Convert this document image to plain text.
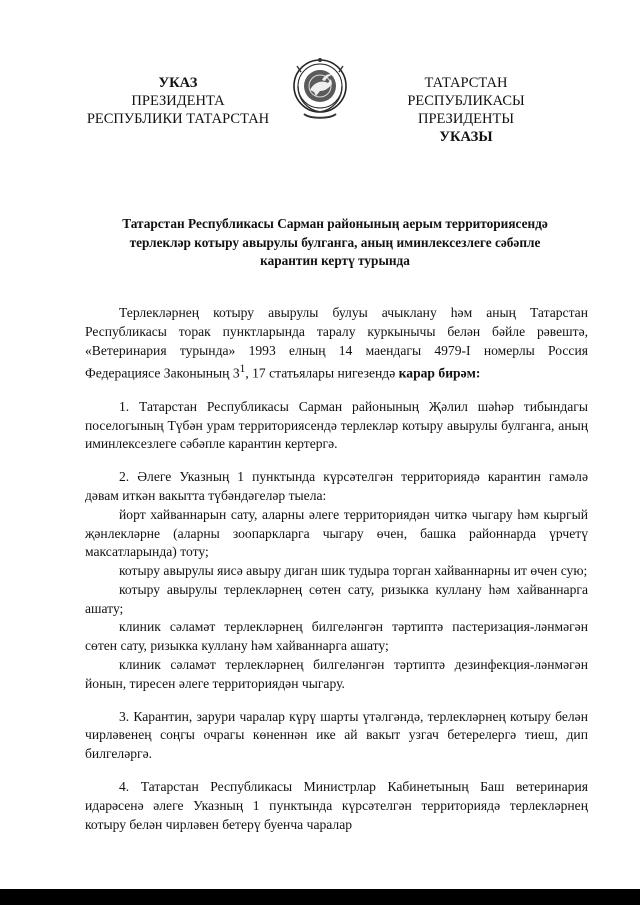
УКАЗ
ПРЕЗИДЕНТА
РЕСПУБЛИКИ ТАТАРСТАН
ТАТАРСТАН РЕСПУБЛИКАСЫ
ПРЕЗИДЕНТЫ
УКАЗЫ
Татарстан Республикасы Сарман районының аерым территориясендә
терлекләр котыру авырулы булганга, аның иминлексезлеге сәбәпле
карантин кертү турында

Терлекләрнең котыру авырулы булуы ачыклану һәм аның Татарстан Республикасы торак пунктларында таралу куркынычы белән бәйле рәвештә, «Ветеринария турында» 1993 елның 14 маендагы 4979-I номерлы Россия Федерациясе Законының $3^1$, 17 статьялары нигезендә карар бирәм:

1. Татарстан Республикасы Сарман районының Җәлил шәһәр тибындагы поселогының Түбән урам территориясендә терлекләр котыру авырулы булганга, аның иминлексезлеге сәбәпле карантин кертергә.

2. Әлеге Указның 1 пунктында күрсәтелгән территориядә карантин гамәлә дәвам иткән вакытта түбәндәгеләр тыела:

йорт хайваннарын сату, аларны әлеге территориядән читкә чыгару һәм кыргый җәнлекләрне (аларны зоопаркларга чыгару өчен, башка районнарда үрчетү максатларында) тоту;
котыру авырулы яисә авыру диган шик тудыра торган хайваннарны ит өчен сую;
котыру авырулы терлекләрнең сөтен сату, ризыкка куллану һәм хайваннарга ашату;
клиник сәламәт терлекләрнең билгеләнгән тәртиптә пастеризация-ләнмәгән сөтен сату, ризыкка куллану һәм хайваннарга ашату;
клиник сәламәт терлекләрнең билгеләнгән тәртиптә дезинфекция-ләнмәгән йонын, тиресен әлеге территориядән чыгару.

3. Карантин, зарури чаралар күрү шарты үтәлгәндә, терлекләрнең котыру белән чирләвенең соңгы очрагы көненнән ике ай вакыт узгач бетерелергә тиеш, дип билгеләргә.

4. Татарстан Республикасы Министрлар Кабинетының Баш ветеринария идарәсенә әлеге Указның 1 пунктында күрсәтелгән территориядә терлекләрнең котыру белән чирләвен бетерү буенча чаралар
